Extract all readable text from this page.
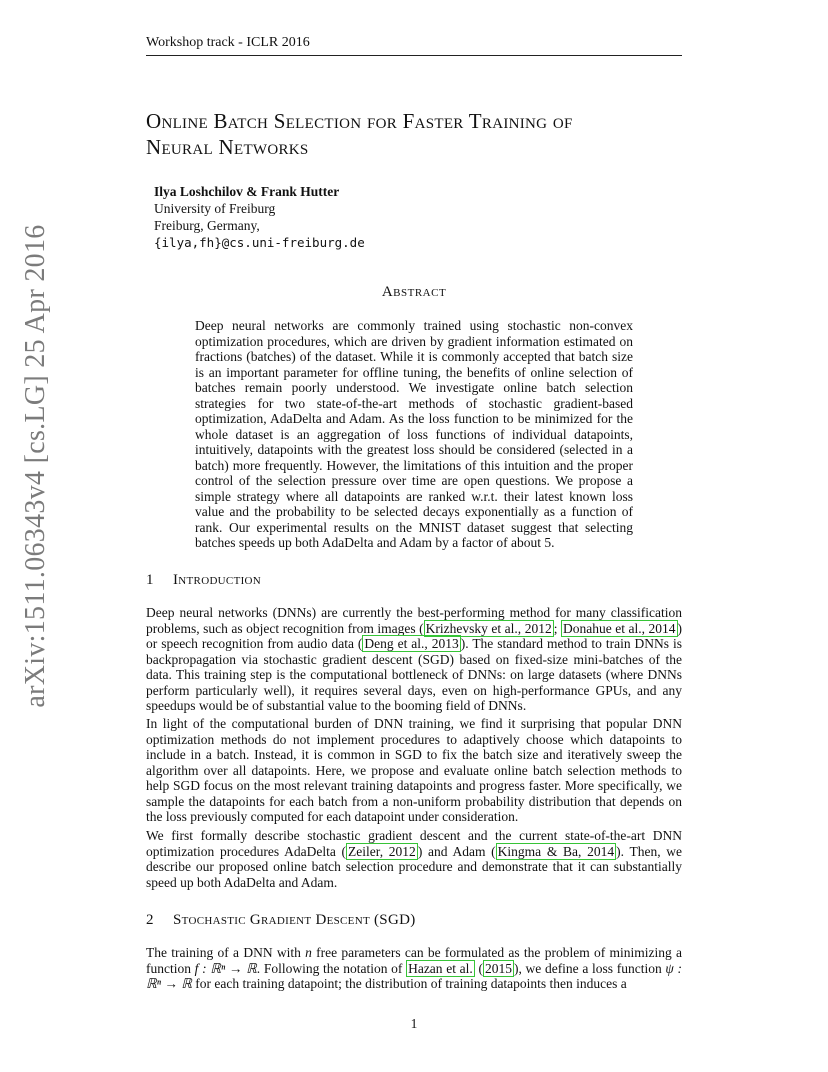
Workshop track - ICLR 2016
arXiv:1511.06343v4 [cs.LG] 25 Apr 2016
Online Batch Selection for Faster Training of
Neural Networks
Ilya Loshchilov & Frank Hutter
University of Freiburg
Freiburg, Germany,
{ilya,fh}@cs.uni-freiburg.de
Abstract

Deep neural networks are commonly trained using stochastic non-convex optimization procedures, which are driven by gradient information estimated on fractions (batches) of the dataset. While it is commonly accepted that batch size is an important parameter for offline tuning, the benefits of online selection of batches remain poorly understood. We investigate online batch selection strategies for two state-of-the-art methods of stochastic gradient-based optimization, AdaDelta and Adam. As the loss function to be minimized for the whole dataset is an aggregation of loss functions of individual datapoints, intuitively, datapoints with the greatest loss should be considered (selected in a batch) more frequently. However, the limitations of this intuition and the proper control of the selection pressure over time are open questions. We propose a simple strategy where all datapoints are ranked w.r.t. their latest known loss value and the probability to be selected decays exponentially as a function of rank. Our experimental results on the MNIST dataset suggest that selecting batches speeds up both AdaDelta and Adam by a factor of about 5.

1 Introduction

Deep neural networks (DNNs) are currently the best-performing method for many classification problems, such as object recognition from images ( Krizhevsky et al., 2012 ; Donahue et al., 2014 ) or speech recognition from audio data ( Deng et al., 2013 ). The standard method to train DNNs is backpropagation via stochastic gradient descent (SGD) based on fixed-size mini-batches of the data. This training step is the computational bottleneck of DNNs: on large datasets (where DNNs perform particularly well), it requires several days, even on high-performance GPUs, and any speedups would be of substantial value to the booming field of DNNs.

In light of the computational burden of DNN training, we find it surprising that popular DNN optimization methods do not implement procedures to adaptively choose which datapoints to include in a batch. Instead, it is common in SGD to fix the batch size and iteratively sweep the algorithm over all datapoints. Here, we propose and evaluate online batch selection methods to help SGD focus on the most relevant training datapoints and progress faster. More specifically, we sample the datapoints for each batch from a non-uniform probability distribution that depends on the loss previously computed for each datapoint under consideration.

We first formally describe stochastic gradient descent and the current state-of-the-art DNN optimization procedures AdaDelta ( Zeiler, 2012 ) and Adam ( Kingma & Ba, 2014 ). Then, we describe our proposed online batch selection procedure and demonstrate that it can substantially speed up both AdaDelta and Adam.

2 Stochastic Gradient Descent (SGD)

The training of a DNN with n free parameters can be formulated as the problem of minimizing a function f : ℝⁿ → ℝ. Following the notation of Hazan et al. ( 2015 ), we define a loss function ψ : ℝⁿ → ℝ for each training datapoint; the distribution of training datapoints then induces a

1
